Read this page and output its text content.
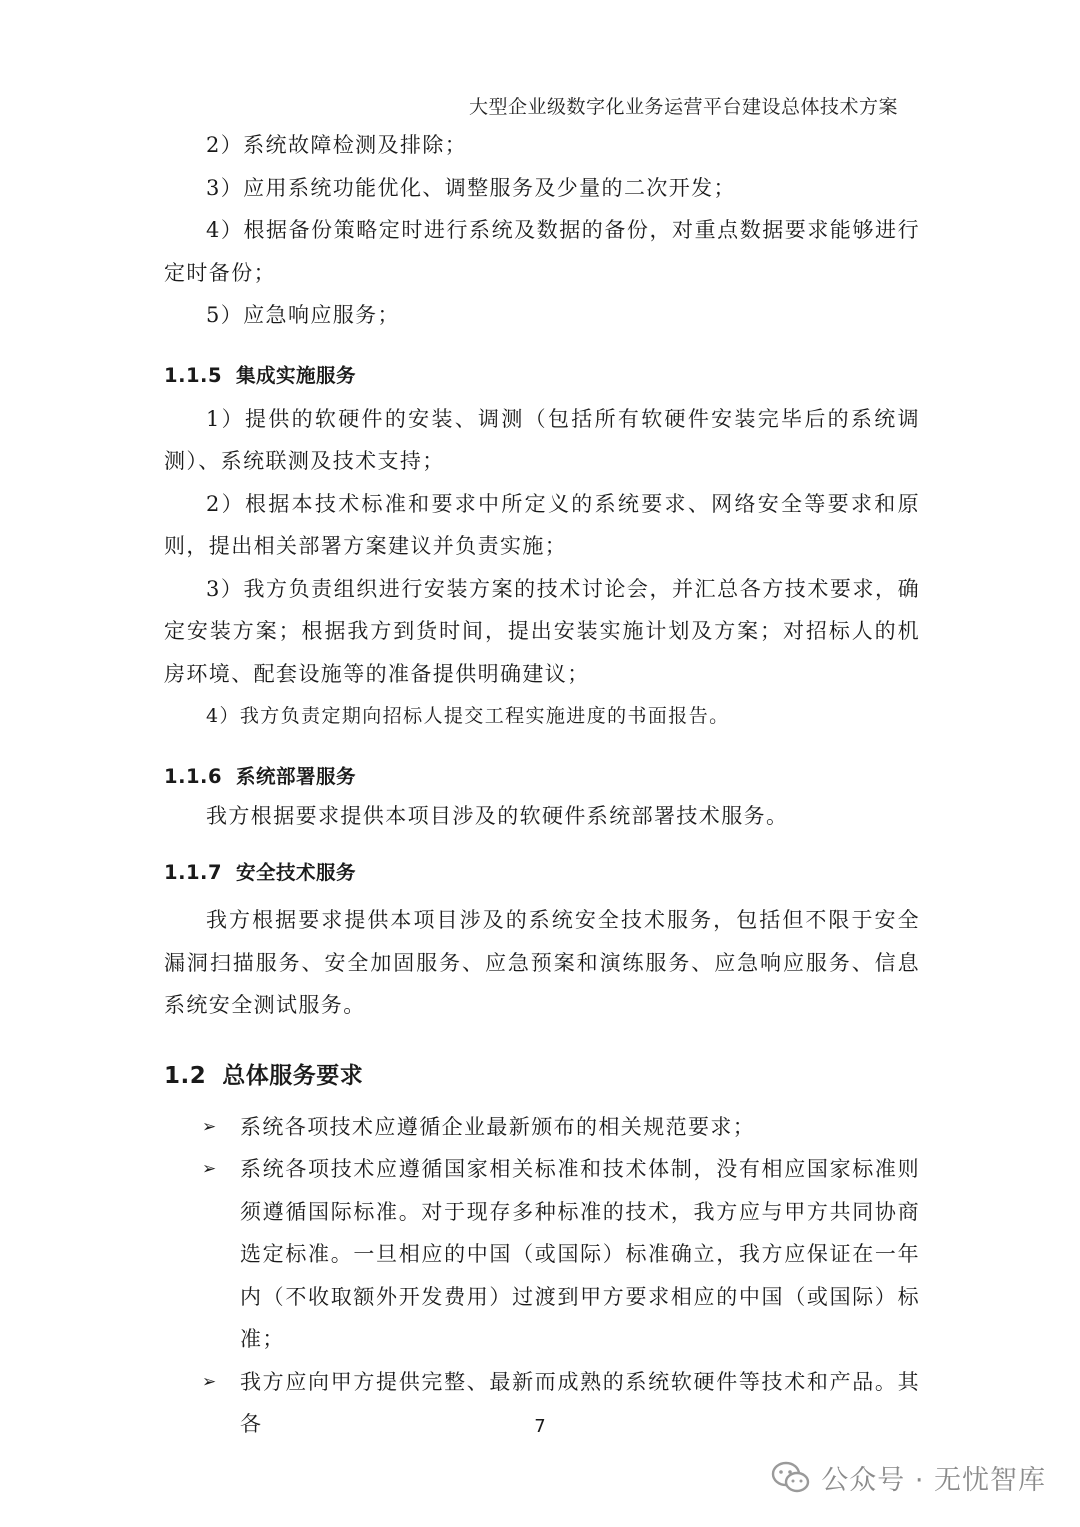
大型企业级数字化业务运营平台建设总体技术方案

2）系统故障检测及排除；

3）应用系统功能优化、调整服务及少量的二次开发；

4）根据备份策略定时进行系统及数据的备份，对重点数据要求能够进行定时备份；

5）应急响应服务；

1.1.5 集成实施服务

1）提供的软硬件的安装、调测（包括所有软硬件安装完毕后的系统调测）、系统联测及技术支持；

2）根据本技术标准和要求中所定义的系统要求、网络安全等要求和原则，提出相关部署方案建议并负责实施；

3）我方负责组织进行安装方案的技术讨论会，并汇总各方技术要求，确定安装方案；根据我方到货时间，提出安装实施计划及方案；对招标人的机房环境、配套设施等的准备提供明确建议；

4）我方负责定期向招标人提交工程实施进度的书面报告。

1.1.6 系统部署服务

我方根据要求提供本项目涉及的软硬件系统部署技术服务。

1.1.7 安全技术服务

我方根据要求提供本项目涉及的系统安全技术服务，包括但不限于安全漏洞扫描服务、安全加固服务、应急预案和演练服务、应急响应服务、信息系统安全测试服务。

1.2 总体服务要求
➢ 系统各项技术应遵循企业最新颁布的相关规范要求；
➢ 系统各项技术应遵循国家相关标准和技术体制，没有相应国家标准则须遵循国际标准。对于现存多种标准的技术，我方应与甲方共同协商选定标准。一旦相应的中国（或国际）标准确立，我方应保证在一年内（不收取额外开发费用）过渡到甲方要求相应的中国（或国际）标准；
➢ 我方应向甲方提供完整、最新而成熟的系统软硬件等技术和产品。其各	7
公众号 · 无忧智库
